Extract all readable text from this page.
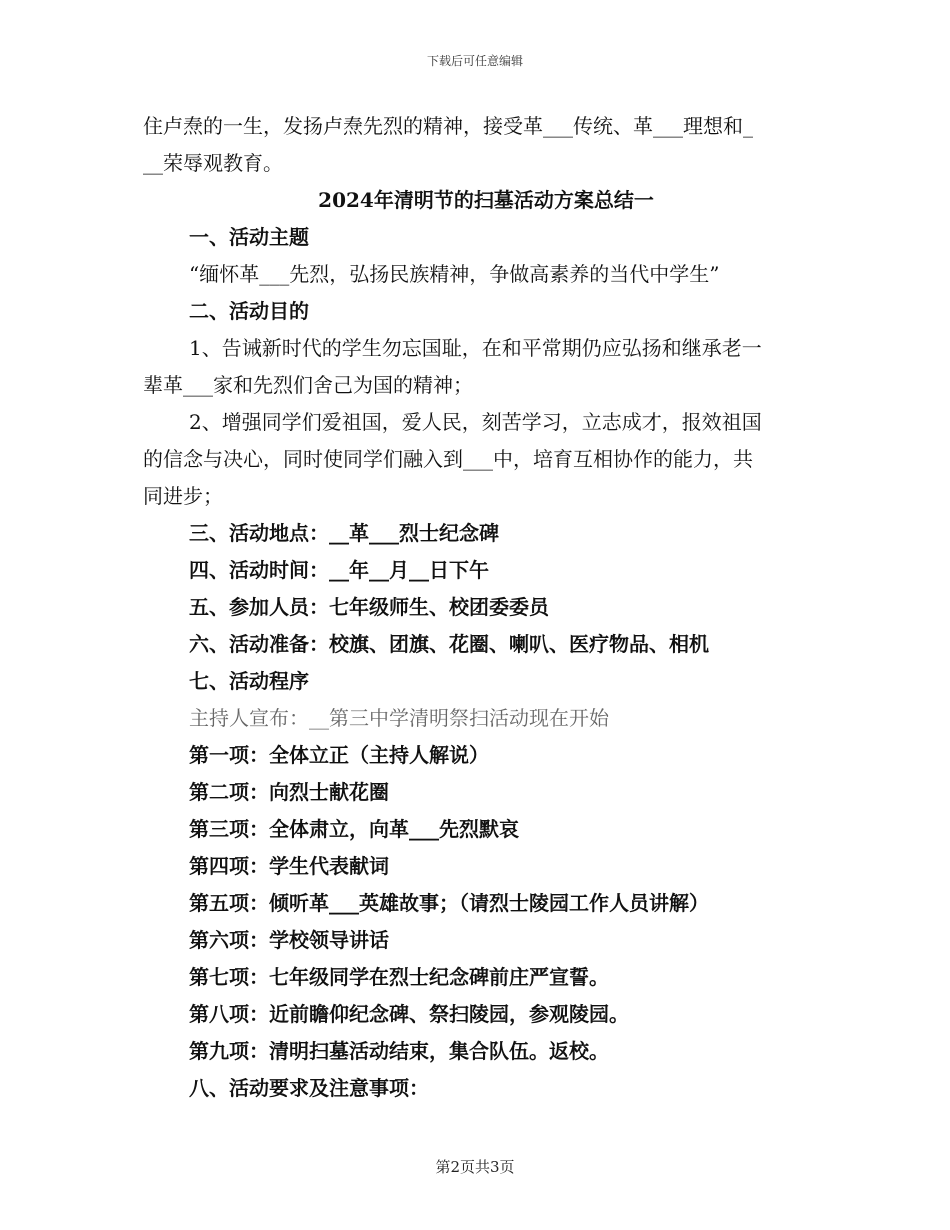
下载后可任意编辑
住卢焘的一生，发扬卢焘先烈的精神，接受革___传统、革___理想和_
__荣辱观教育。
2024年清明节的扫墓活动方案总结一
一、活动主题
“缅怀革___先烈，弘扬民族精神，争做高素养的当代中学生”
二、活动目的
1、告诫新时代的学生勿忘国耻，在和平常期仍应弘扬和继承老一
辈革___家和先烈们舍己为国的精神；
2、增强同学们爱祖国，爱人民，刻苦学习，立志成才，报效祖国
的信念与决心，同时使同学们融入到___中，培育互相协作的能力，共
同进步；
三、活动地点：__革___烈士纪念碑
四、活动时间：__年__月__日下午
五、参加人员：七年级师生、校团委委员
六、活动准备：校旗、团旗、花圈、喇叭、医疗物品、相机
七、活动程序
主持人宣布：__第三中学清明祭扫活动现在开始
第一项：全体立正（主持人解说）
第二项：向烈士献花圈
第三项：全体肃立，向革___先烈默哀
第四项：学生代表献词
第五项：倾听革___英雄故事；（请烈士陵园工作人员讲解）
第六项：学校领导讲话
第七项：七年级同学在烈士纪念碑前庄严宣誓。
第八项：近前瞻仰纪念碑、祭扫陵园，参观陵园。
第九项：清明扫墓活动结束，集合队伍。返校。
八、活动要求及注意事项：
第2页共3页
